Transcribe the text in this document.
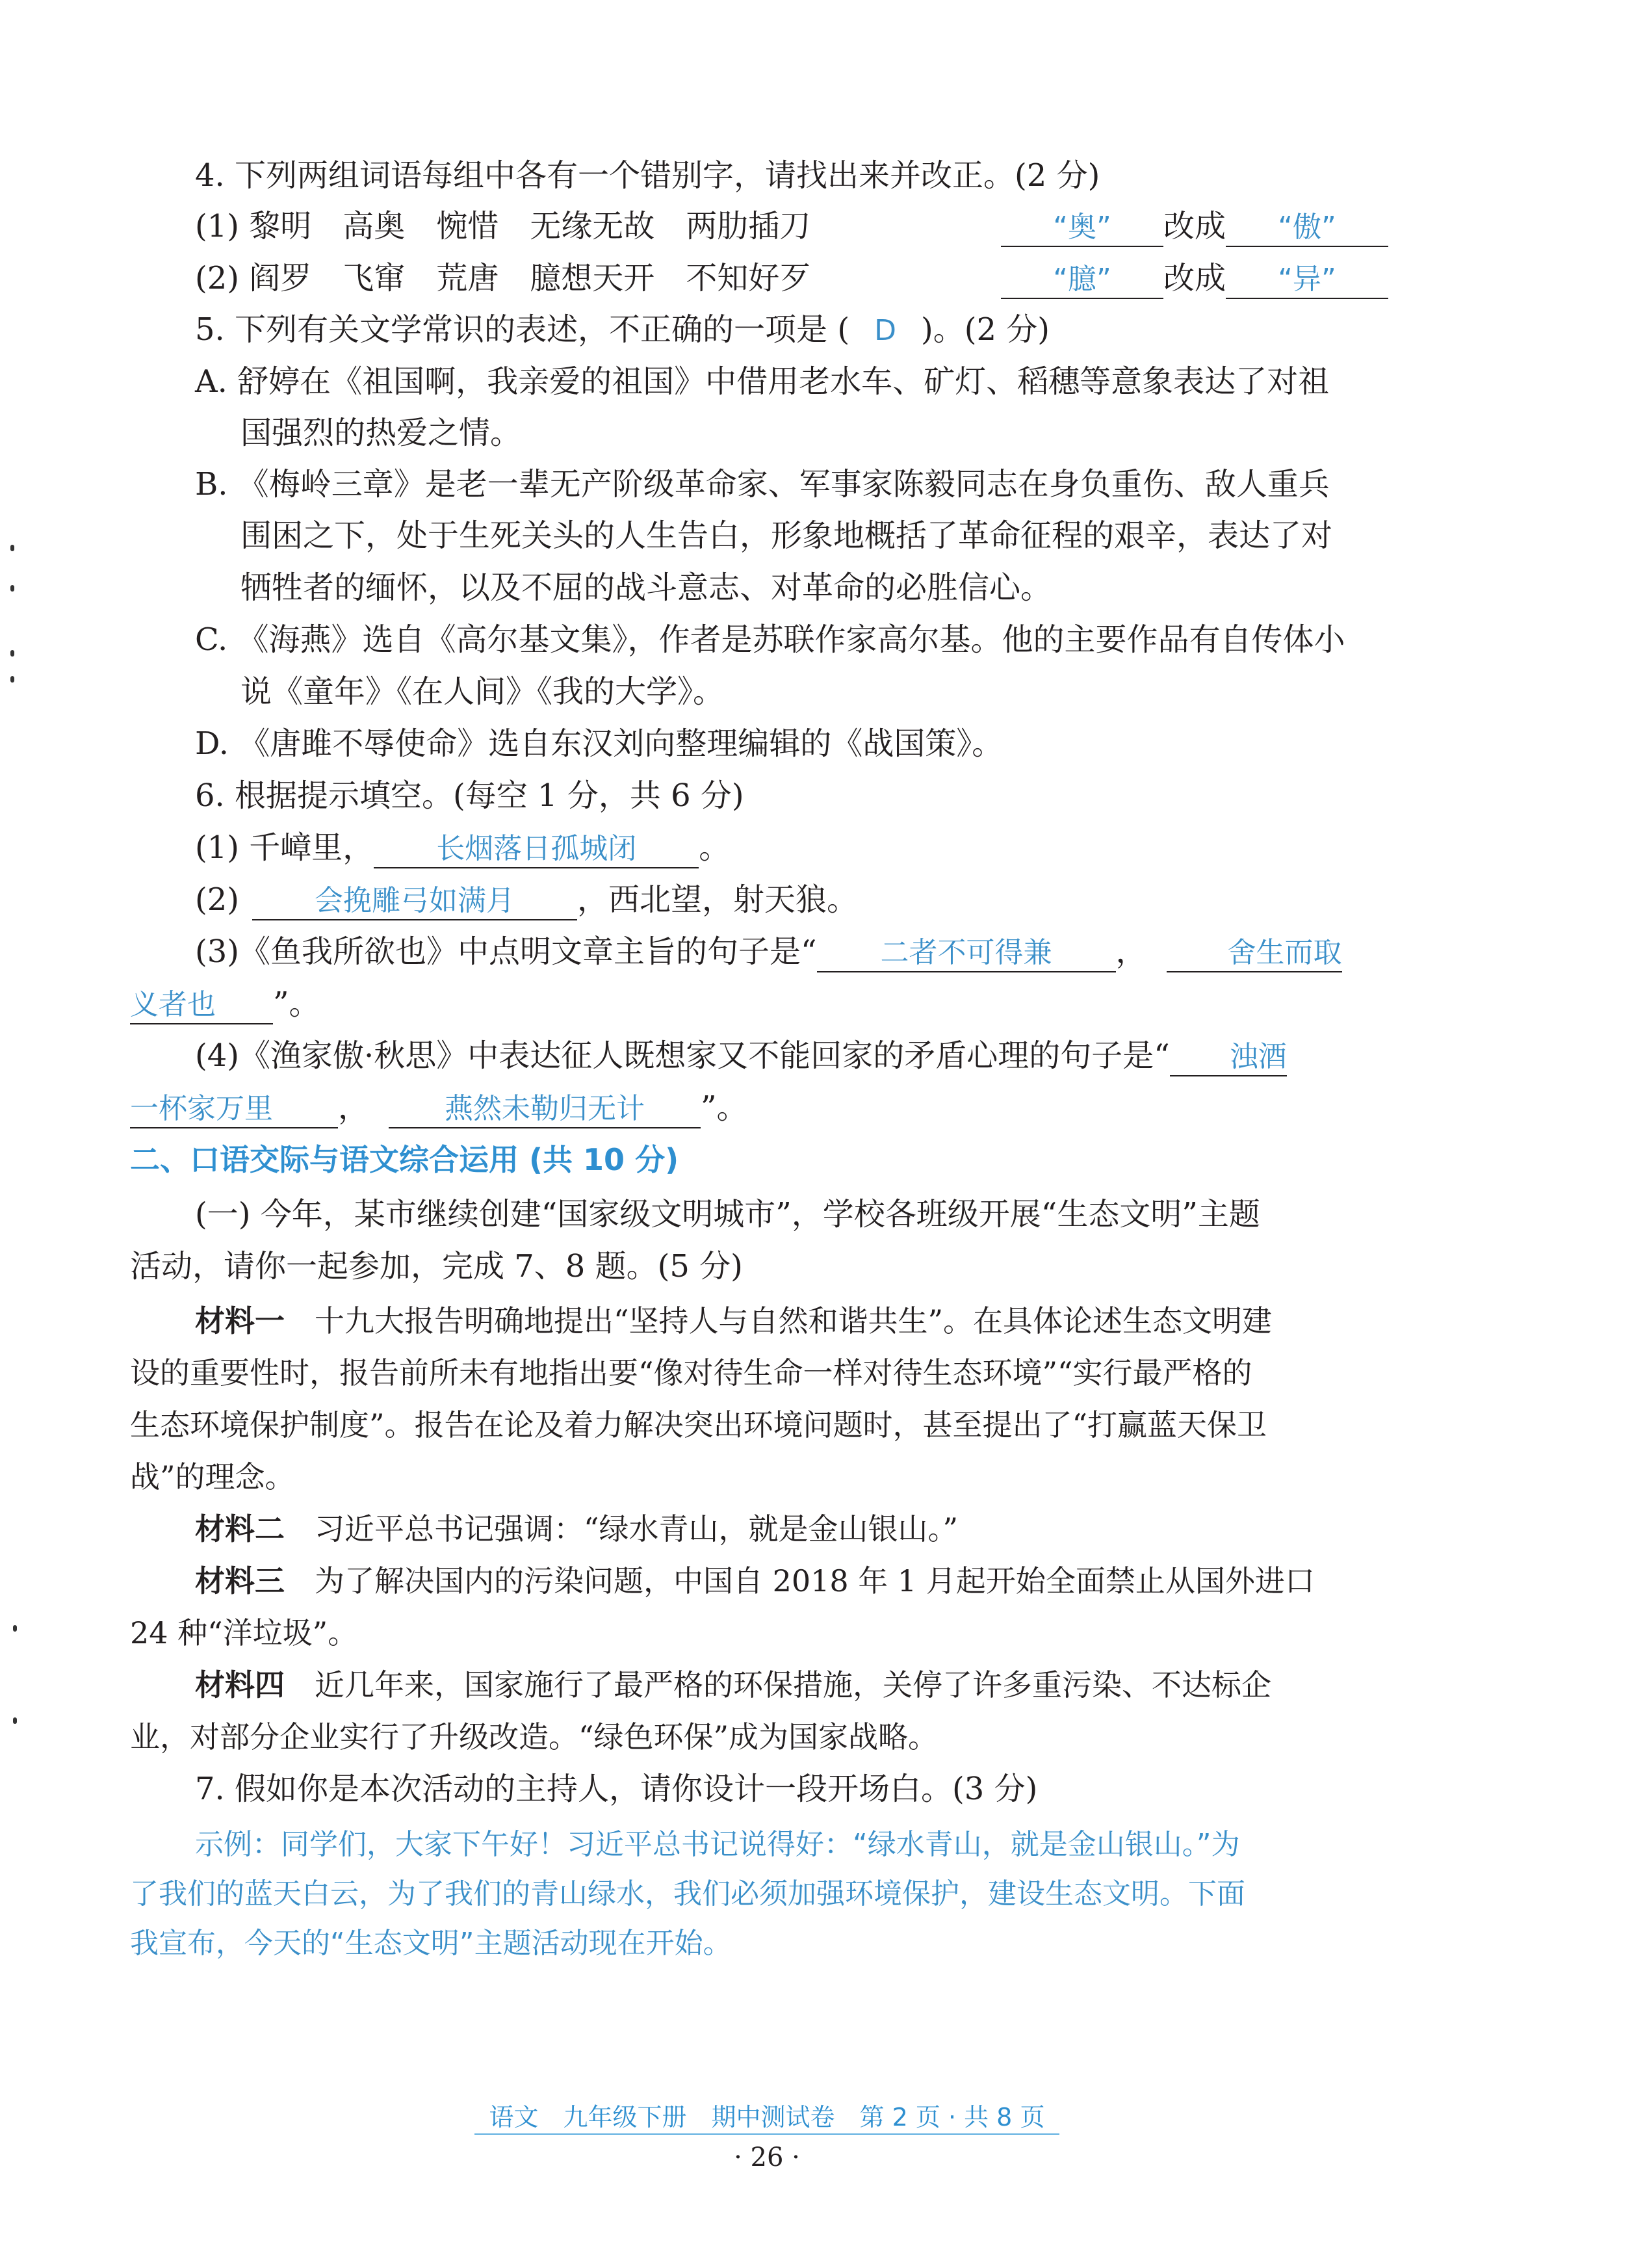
4. 下列两组词语每组中各有一个错别字，请找出来并改正。(2 分)
(1) 黎明　高奥　惋惜　无缘无故　两肋插刀	“奥” 改成 “傲”
(2) 阎罗　飞窜　荒唐　臆想天开　不知好歹	“臆” 改成 “异”
5. 下列有关文学常识的表述，不正确的一项是 ( D )。(2 分)
A. 舒婷在《祖国啊，我亲爱的祖国》中借用老水车、矿灯、稻穗等意象表达了对祖
国强烈的热爱之情。
B. 《梅岭三章》是老一辈无产阶级革命家、军事家陈毅同志在身负重伤、敌人重兵
围困之下，处于生死关头的人生告白，形象地概括了革命征程的艰辛，表达了对
牺牲者的缅怀，以及不屈的战斗意志、对革命的必胜信心。
C. 《海燕》选自《高尔基文集》，作者是苏联作家高尔基。他的主要作品有自传体小
说《童年》《在人间》《我的大学》。
D. 《唐雎不辱使命》选自东汉刘向整理编辑的《战国策》。
6. 根据提示填空。(每空 1 分，共 6 分)
(1) 千嶂里， 长烟落日孤城闭 。
(2)	会挽雕弓如满月 ，西北望，射天狼。
(3)《鱼我所欲也》中点明文章主旨的句子是“ 二者不可得兼 ，	舍生而取
义者也 ”。
(4)《渔家傲·秋思》中表达征人既想家又不能回家的矛盾心理的句子是“ 浊酒
一杯家万里 ，	燕然未勒归无计 ”。
二、口语交际与语文综合运用 (共 10 分)
(一) 今年，某市继续创建“国家级文明城市”，学校各班级开展“生态文明”主题
活动，请你一起参加，完成 7、8 题。(5 分)
材料一　 十九大报告明确地提出“坚持人与自然和谐共生”。在具体论述生态文明建
设的重要性时，报告前所未有地指出要“像对待生命一样对待生态环境”“实行最严格的
生态环境保护制度”。报告在论及着力解决突出环境问题时，甚至提出了“打赢蓝天保卫
战”的理念。
材料二　 习近平总书记强调：“绿水青山，就是金山银山。”
材料三　 为了解决国内的污染问题，中国自 2018 年 1 月起开始全面禁止从国外进口
24 种“洋垃圾”。
材料四　 近几年来，国家施行了最严格的环保措施，关停了许多重污染、不达标企
业，对部分企业实行了升级改造。“绿色环保”成为国家战略。
7. 假如你是本次活动的主持人，请你设计一段开场白。(3 分)
示例：同学们，大家下午好！习近平总书记说得好：“绿水青山，就是金山银山。”为
了我们的蓝天白云，为了我们的青山绿水，我们必须加强环境保护，建设生态文明。下面
我宣布，今天的“生态文明”主题活动现在开始。
语文　九年级下册　期中测试卷　第 2 页 · 共 8 页
· 26 ·
